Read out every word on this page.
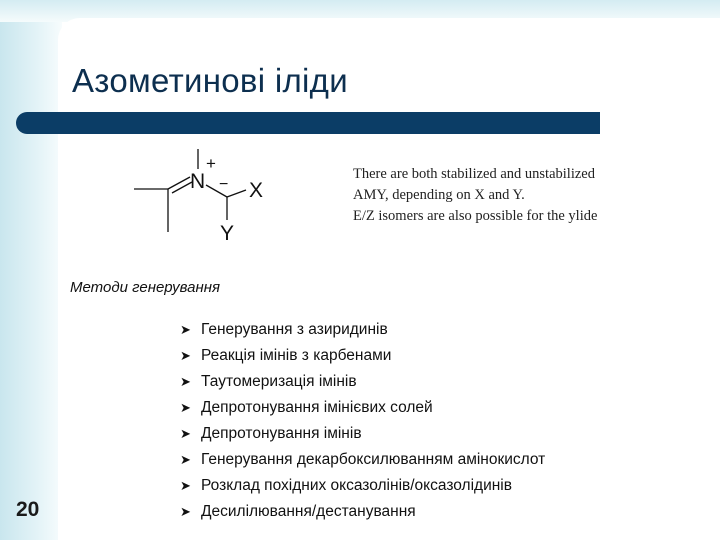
Азометинові іліди
N
+
− X
Y
There are both stabilized and unstabilized
AMY, depending on X and Y.
E/Z isomers are also possible for the ylide
Методи генерування
➤ Генерування з азиридинів
➤ Реакція імінів з карбенами
➤ Таутомеризація імінів
➤ Депротонування імінієвих солей
➤ Депротонування імінів
➤ Генерування декарбоксилюванням амінокислот
➤ Розклад похідних оксазолінів/оксазолідинів
➤ Десилілювання/дестанування
20
